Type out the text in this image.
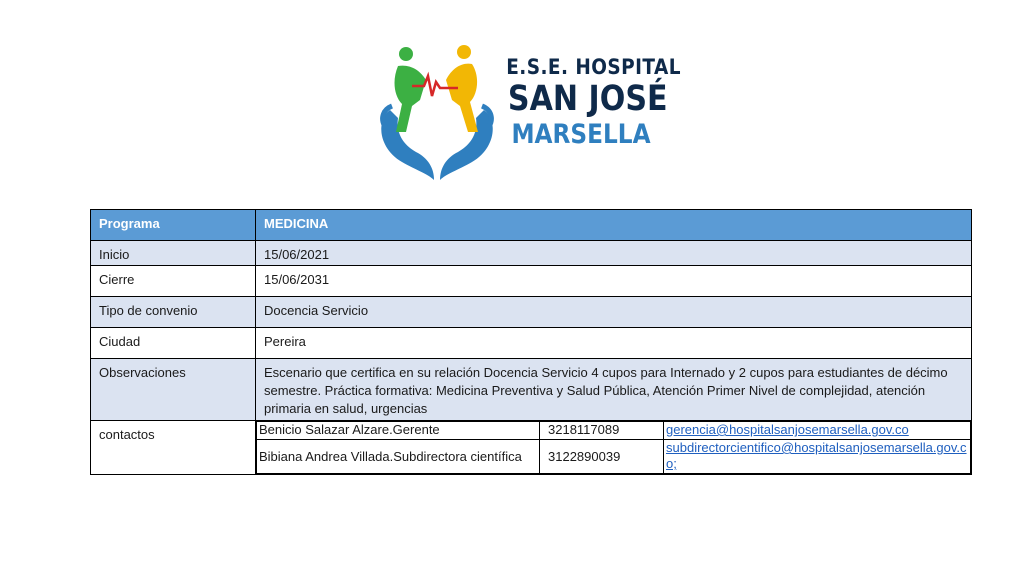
E.S.E. HOSPITAL
SAN JOSÉ
MARSELLA
Programa	MEDICINA
Inicio	15/06/2021
Cierre	15/06/2031
Tipo de convenio	Docencia Servicio
Ciudad	Pereira
Observaciones	Escenario que certifica en su relación Docencia Servicio 4 cupos para Internado y 2 cupos para estudiantes de décimo semestre. Práctica formativa: Medicina Preventiva y Salud Pública, Atención Primer Nivel de complejidad, atención primaria en salud, urgencias
contactos		Benicio Salazar Alzare.Gerente	3218117089	gerencia@hospitalsanjosemarsella.gov.co
Bibiana Andrea Villada.Subdirectora científica	3122890039	subdirectorcientifico@hospitalsanjosemarsella.gov.co;
